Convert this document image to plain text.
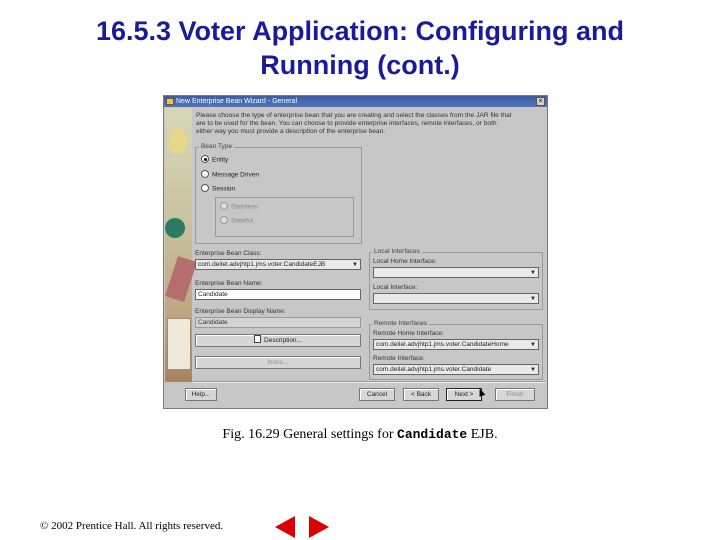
16.5.3 Voter Application: Configuring and
Running (cont.)
New Enterprise Bean Wizard - General	×
Please choose the type of enterprise bean that you are creating and select the classes from the JAR file that
are to be used for the bean. You can choose to provide enterprise interfaces, remote interfaces, or both
either way you must provide a description of the enterprise bean.
Bean Type
Entity
Message Driven
Session
Stateless
Stateful
Enterprise Bean Class:
com.deitel.advjhtp1.jms.voter.CandidateEJB	▼
Enterprise Bean Name:
Candidate
Enterprise Bean Display Name:
Candidate
Description...
Icons...
Local Interfaces
Local Home Interface:
▼
Local Interface:
▼
Remote Interfaces
Remote Home Interface:
com.deitel.advjhtp1.jms.voter.CandidateHome	▼
Remote Interface:
com.deitel.advjhtp1.jms.voter.Candidate	▼
Help...	Cancel	< Back	Next >	Finish
Fig. 16.29 General settings for Candidate EJB.
© 2002 Prentice Hall. All rights reserved.
